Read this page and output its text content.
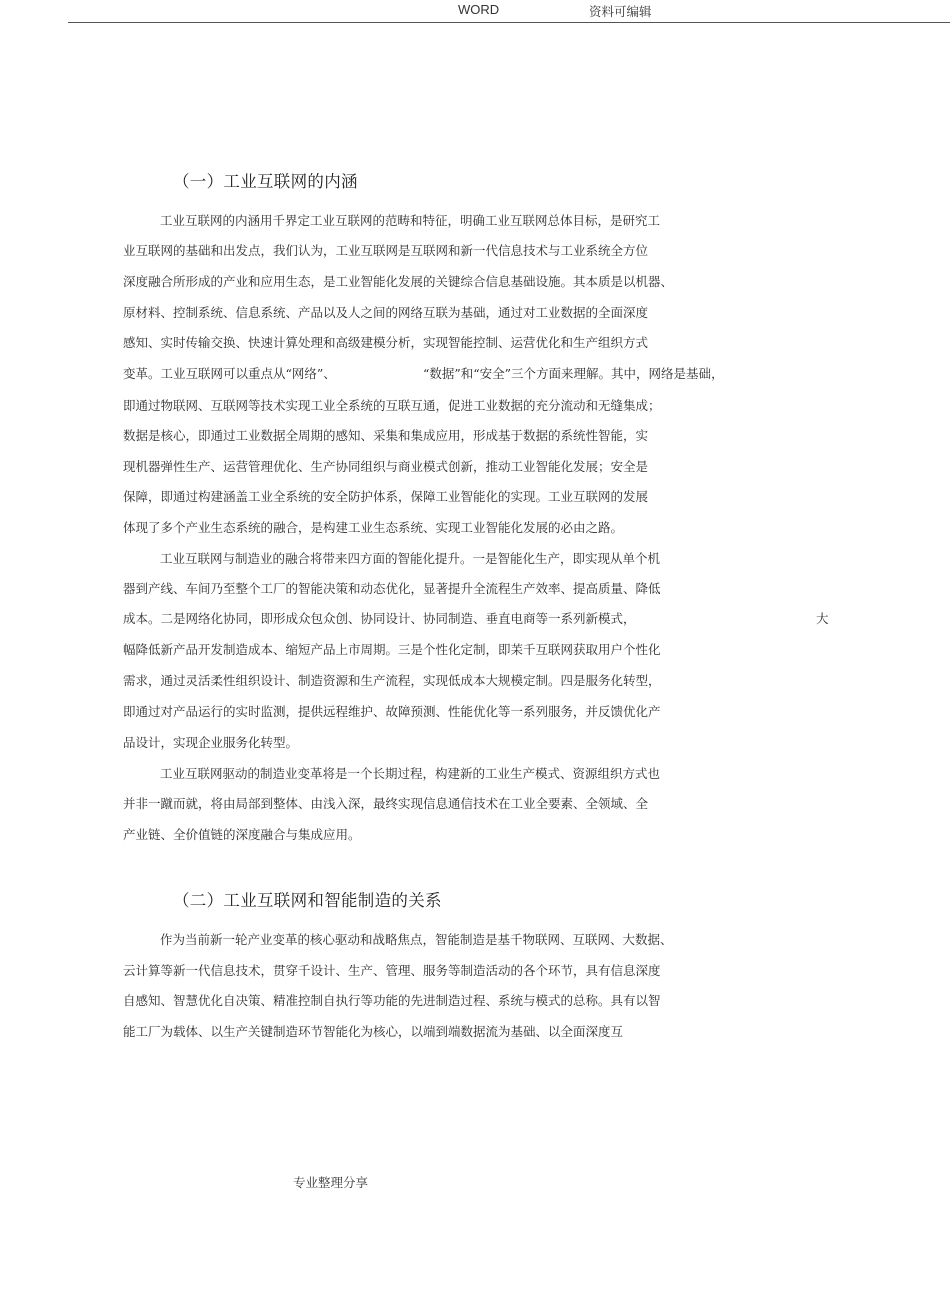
WORD	资料可编辑
（一）工业互联网的内涵
工业互联网的内涵用千界定工业互联网的范畴和特征，明确工业互联网总体目标，是研究工
业互联网的基础和出发点，我们认为，工业互联网是互联网和新一代信息技术与工业系统全方位
深度融合所形成的产业和应用生态，是工业智能化发展的关键综合信息基础设施。其本质是以机器、
原材料、控制系统、信息系统、产品以及人之间的网络互联为基础，通过对工业数据的全面深度
感知、实时传输交换、快速计算处理和高级建模分析，实现智能控制、运营优化和生产组织方式
变革。工业互联网可以重点从“网络”、	“数据”和“安全”三个方面来理解。其中，网络是基础，
即通过物联网、互联网等技术实现工业全系统的互联互通，促进工业数据的充分流动和无缝集成；
数据是核心，即通过工业数据全周期的感知、采集和集成应用，形成基于数据的系统性智能，实
现机器弹性生产、运营管理优化、生产协同组织与商业模式创新，推动工业智能化发展；安全是
保障，即通过构建涵盖工业全系统的安全防护体系，保障工业智能化的实现。工业互联网的发展
体现了多个产业生态系统的融合，是构建工业生态系统、实现工业智能化发展的必由之路。
工业互联网与制造业的融合将带来四方面的智能化提升。一是智能化生产，即实现从单个机
器到产线、车间乃至整个工厂的智能决策和动态优化，显著提升全流程生产效率、提高质量、降低
成本。二是网络化协同，即形成众包众创、协同设计、协同制造、垂直电商等一系列新模式，	大
幅降低新产品开发制造成本、缩短产品上市周期。三是个性化定制，即苿千互联网获取用户个性化
需求，通过灵活柔性组织设计、制造资源和生产流程，实现低成本大规模定制。四是服务化转型，
即通过对产品运行的实时监测，提供远程维护、故障预测、性能优化等一系列服务，并反馈优化产
品设计，实现企业服务化转型。
工业互联网驱动的制造业变革将是一个长期过程，构建新的工业生产模式、资源组织方式也
并非一蹴而就，将由局部到整体、由浅入深，最终实现信息通信技术在工业全要素、全领域、全
产业链、全价值链的深度融合与集成应用。
（二）工业互联网和智能制造的关系
作为当前新一轮产业变革的核心驱动和战略焦点，智能制造是基千物联网、互联网、大数据、
云计算等新一代信息技术，贯穿千设计、生产、管理、服务等制造活动的各个环节，具有信息深度
自感知、智慧优化自决策、精准控制自执行等功能的先进制造过程、系统与模式的总称。具有以智
能工厂为载体、以生产关键制造环节智能化为核心，以端到端数据流为基础、以全面深度互
专业整理分享
